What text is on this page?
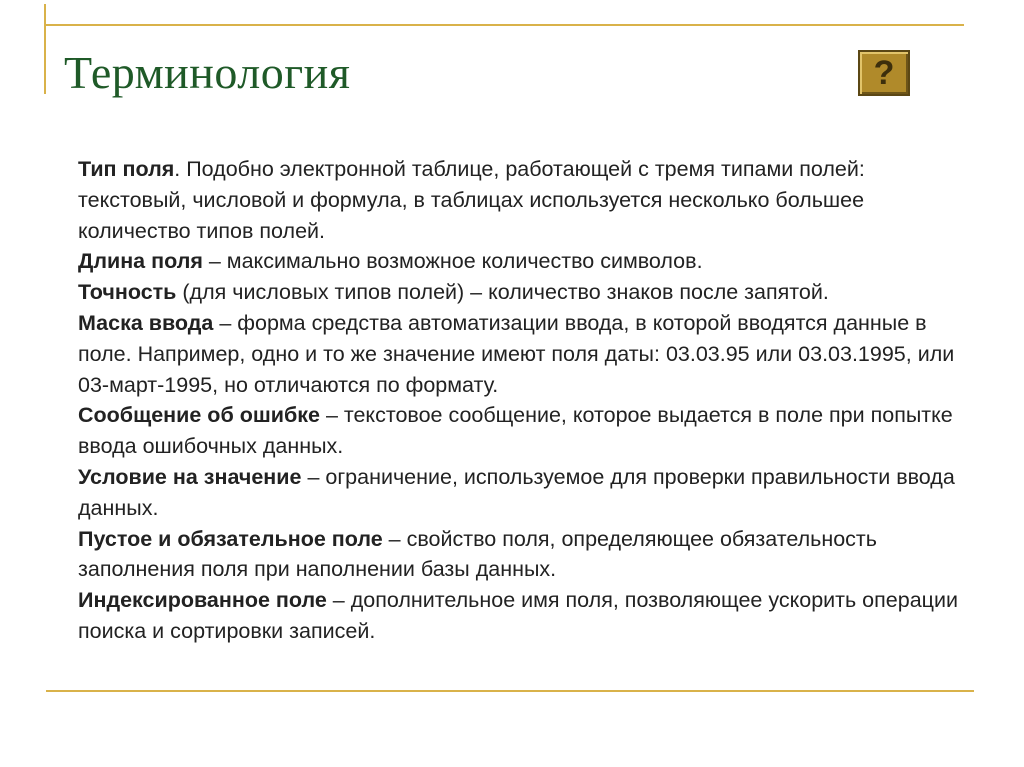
Терминология	?

Тип поля. Подобно электронной таблице, работающей с тремя типами полей: текстовый, числовой и формула, в таблицах используется несколько большее количество типов полей.

Длина поля – максимально возможное количество символов.

Точность (для числовых типов полей) – количество знаков после запятой.

Маска ввода – форма средства автоматизации ввода, в которой вводятся данные в поле. Например, одно и то же значение имеют поля даты: 03.03.95 или 03.03.1995, или 03-март-1995, но отличаются по формату.

Сообщение об ошибке – текстовое сообщение, которое выдается в поле при попытке ввода ошибочных данных.

Условие на значение – ограничение, используемое для проверки правильности ввода данных.

Пустое и обязательное поле – свойство поля, определяющее обязательность заполнения поля при наполнении базы данных.

Индексированное поле – дополнительное имя поля, позволяющее ускорить операции поиска и сортировки записей.
